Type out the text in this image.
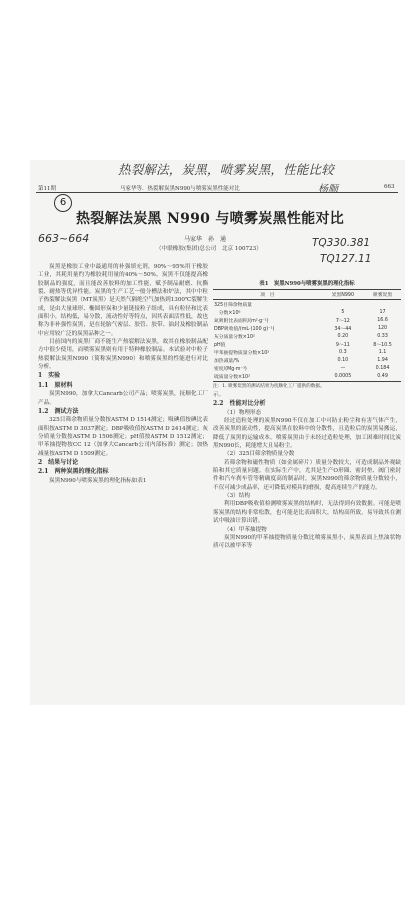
热裂解法，炭黑，喷雾炭黑，性能比较
杨顺
663~664	TQ330.381
TQ127.11
第11期	马家华等．热裂解炭黑N990与喷雾炭黑性能对比	663
6
热裂解法炭黑 N990 与喷雾炭黑性能对比
马家华　孙　通
（中联橡胶(集团)总公司　北京 100723）

炭黑是橡胶工业中最通用的补强填充剂，90%～95%用于橡胶工业，其耗用量约为橡胶耗用量的40%～50%。炭黑不仅能提高橡胶制品的强度，而且能改善胶料的加工性能，赋予制品耐磨、抗撕裂、耐热等优异性能。炭黑的生产工艺一般分槽法和炉法，其中中粒子热裂解法炭黑（MT炭黑）是天然气隔绝空气加热到1300℃裂解生成，是由大量球形、椭圆形炭和少量链接粒子组成，具有粒径和比表面积小，结构低，易分散，流动性好等特点，因其表面活性低，故也称为非补强性炭黑，是在轮胎气密层、胶管、胶带、油封及橡胶制品中应用较广泛的炭黑品种之一。

目前国内的炭黑厂商不能生产热裂解法炭黑，故其在橡胶制品配方中很少使用，而喷雾炭黑则有用于特种橡胶制品。本试验对中粒子热裂解法炭黑N990（简称炭黑N990）和喷雾炭黑的性能进行对比分析。

1　实验
1.1　原材料

炭黑N990，加拿大Cancarb公司产品；喷雾炭黑，抚顺化工厂产品。

1.2　测试方法

325目筛余物质量分数按ASTM D 1514测定；吸碘值按碘比表面积按ASTM D 3037测定；DBP吸收值按ASTM D 2414测定；灰分质量分数按ASTM D 1506测定；pH值按ASTM D 1512测定；甲苯抽提物按CC 12（加拿大Cancarb公司内部标准）测定；加热减量按ASTM D 1509测定。

2　结果与讨论
2.1　两种炭黑的理化指标

炭黑N990与喷雾炭黑的理化指标如表1

表1　炭黑N990与喷雾炭黑的理化指标
项　目	炭黑N990	喷雾炭黑
325目筛余物质量		
　分数×10⁶	5	17
氮吸附比表面积/(m²·g⁻¹)	7～12	16.6
DBP吸收值/(mL·(100 g)⁻¹)	34～44	120
灰分质量分数×10²	0.20	0.33
pH值	9～11	8～10.5
甲苯抽提物质量分数×10²	0.3	1.1
加热减量/%	0.10	1.94
密度/(Mg·m⁻³)	—	0.184
硫质量分数×10²	0.0005	0.49
注：1. 喷雾炭黑的测试结果为抚顺化工厂提供的数据。
示。
2.2　性能对比分析
（1）物理形态

经过造粒处理的炭黑N990不仅在加工中可防止粉尘和有害气体产生，改善炭黑的流动性，提高炭黑在胶料中的分散性，且造粒后的炭黑易搬运，降低了炭黑的运输成本。喷雾炭黑由于未经过造粒处理，加工困难时间比炭黑N990长，耗能增大且易粉尘。

（2）325目筛余物质量分数

若筛余物和磁性物质（如金属碎片）质量分数较大，可造成制品外观缺陷和其它质量问题。在实际生产中，尤其是生产O形圈、密封垫、阀门密封件和汽车刹车管等精确度高的制品时，炭黑N990的筛余物质量分数较小，不仅可减少成品率，还可降低对模具的磨损，提高连续生产的能力。

（3）结构

利用DBP吸收值检测喷雾炭黑的结构时，无法得到有效数据。可能是喷雾炭黑的结构非常松散，也可能是比表面积大，结构高所致，易导致其在测试中吸油计算出错。

（4）甲苯抽提物

炭黑N990的甲苯抽提物质量分数比喷雾炭黑小，炭黑表面上焦油状物质可以被甲苯等
